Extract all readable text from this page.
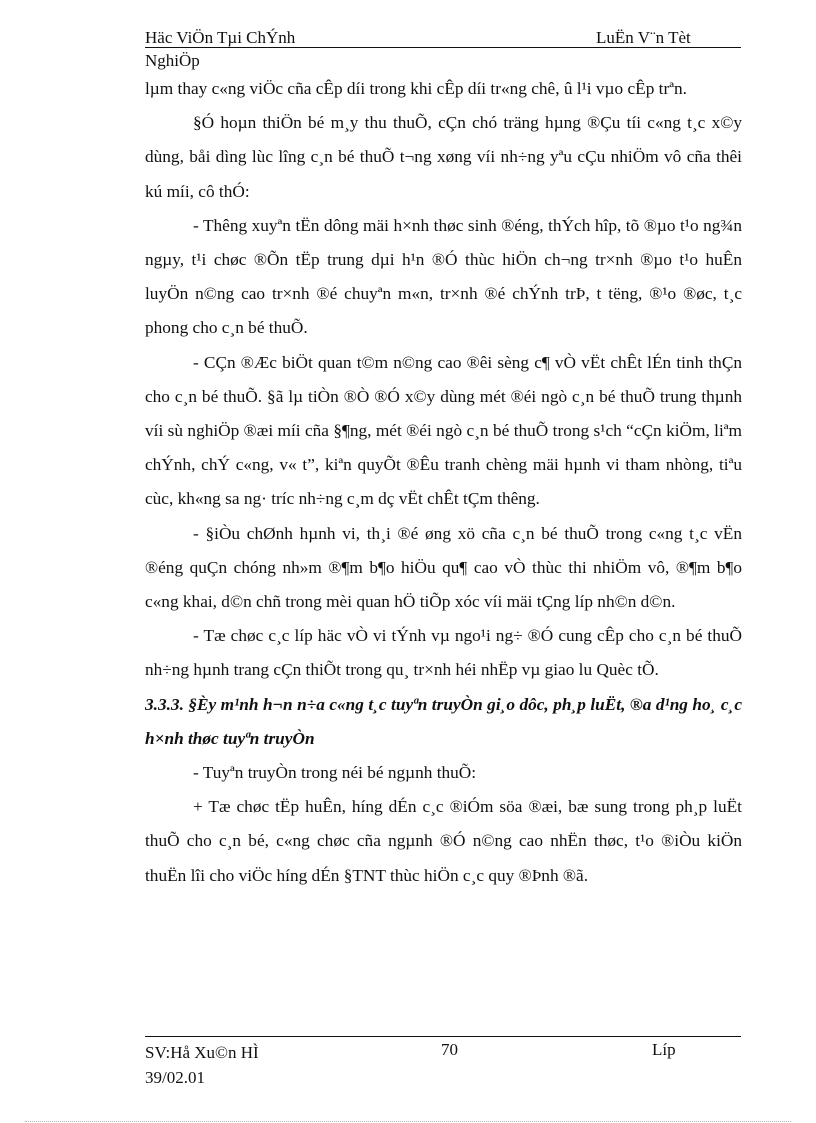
Häc ViÖn Tµi ChÝnh	LuËn V¨n Tèt
NghiÖp

lµm thay c«ng viÖc cña cÊp díi trong khi cÊp díi tr«ng chê, û l¹i vµo cÊp trªn.

§Ó hoµn thiÖn bé m¸y thu thuÕ, cÇn chó träng hµng ®Çu tíi c«ng t¸c x©y dùng, båi dìng lùc lîng c¸n bé thuÕ t¬ng xøng víi nh÷ng yªu cÇu nhiÖm vô cña thêi kú míi, cô thÓ:

- Thêng xuyªn tËn dông mäi h×nh thøc sinh ®éng, thÝch hîp, tõ ®µo t¹o ng¾n ngµy, t¹i chøc ®Õn tËp trung dµi h¹n ®Ó thùc hiÖn ch¬ng tr×nh ®µo t¹o huÊn luyÖn n©ng cao tr×nh ®é chuyªn m«n, tr×nh ®é chÝnh trÞ, t tëng, ®¹o ®øc, t¸c phong cho c¸n bé thuÕ.

- CÇn ®Æc biÖt quan t©m n©ng cao ®êi sèng c¶ vÒ vËt chÊt lÉn tinh thÇn cho c¸n bé thuÕ. §ã lµ tiÒn ®Ò ®Ó x©y dùng mét ®éi ngò c¸n bé thuÕ trung thµnh víi sù nghiÖp ®æi míi cña §¶ng, mét ®éi ngò c¸n bé thuÕ trong s¹ch “cÇn kiÖm, liªm chÝnh, chÝ c«ng, v« t”, kiªn quyÕt ®Êu tranh chèng mäi hµnh vi tham nhòng, tiªu cùc, kh«ng sa ng· tríc nh÷ng c¸m dç vËt chÊt tÇm thêng.

- §iÒu chØnh hµnh vi, th¸i ®é øng xö cña c¸n bé thuÕ trong c«ng t¸c vËn ®éng quÇn chóng nh»m ®¶m b¶o hiÖu qu¶ cao vÒ thùc thi nhiÖm vô, ®¶m b¶o c«ng khai, d©n chñ trong mèi quan hÖ tiÕp xóc víi mäi tÇng líp nh©n d©n.

- Tæ chøc c¸c líp häc vÒ vi tÝnh vµ ngo¹i ng÷ ®Ó cung cÊp cho c¸n bé thuÕ nh÷ng hµnh trang cÇn thiÕt trong qu¸ tr×nh héi nhËp vµ giao lu Quèc tÕ.

3.3.3. §Èy m¹nh h¬n n÷a c«ng t¸c tuyªn truyÒn gi¸o dôc, ph¸p luËt, ®a d¹ng ho¸ c¸c h×nh thøc tuyªn truyÒn

- Tuyªn truyÒn trong néi bé ngµnh thuÕ:

+ Tæ chøc tËp huÊn, híng dÉn c¸c ®iÓm söa ®æi, bæ sung trong ph¸p luËt thuÕ cho c¸n bé, c«ng chøc cña ngµnh ®Ó n©ng cao nhËn thøc, t¹o ®iÒu kiÖn thuËn lîi cho viÖc híng dÉn §TNT thùc hiÖn c¸c quy ®Þnh ®ã.

SV:Hå Xu©n HÌ
39/02.01
70	Líp
